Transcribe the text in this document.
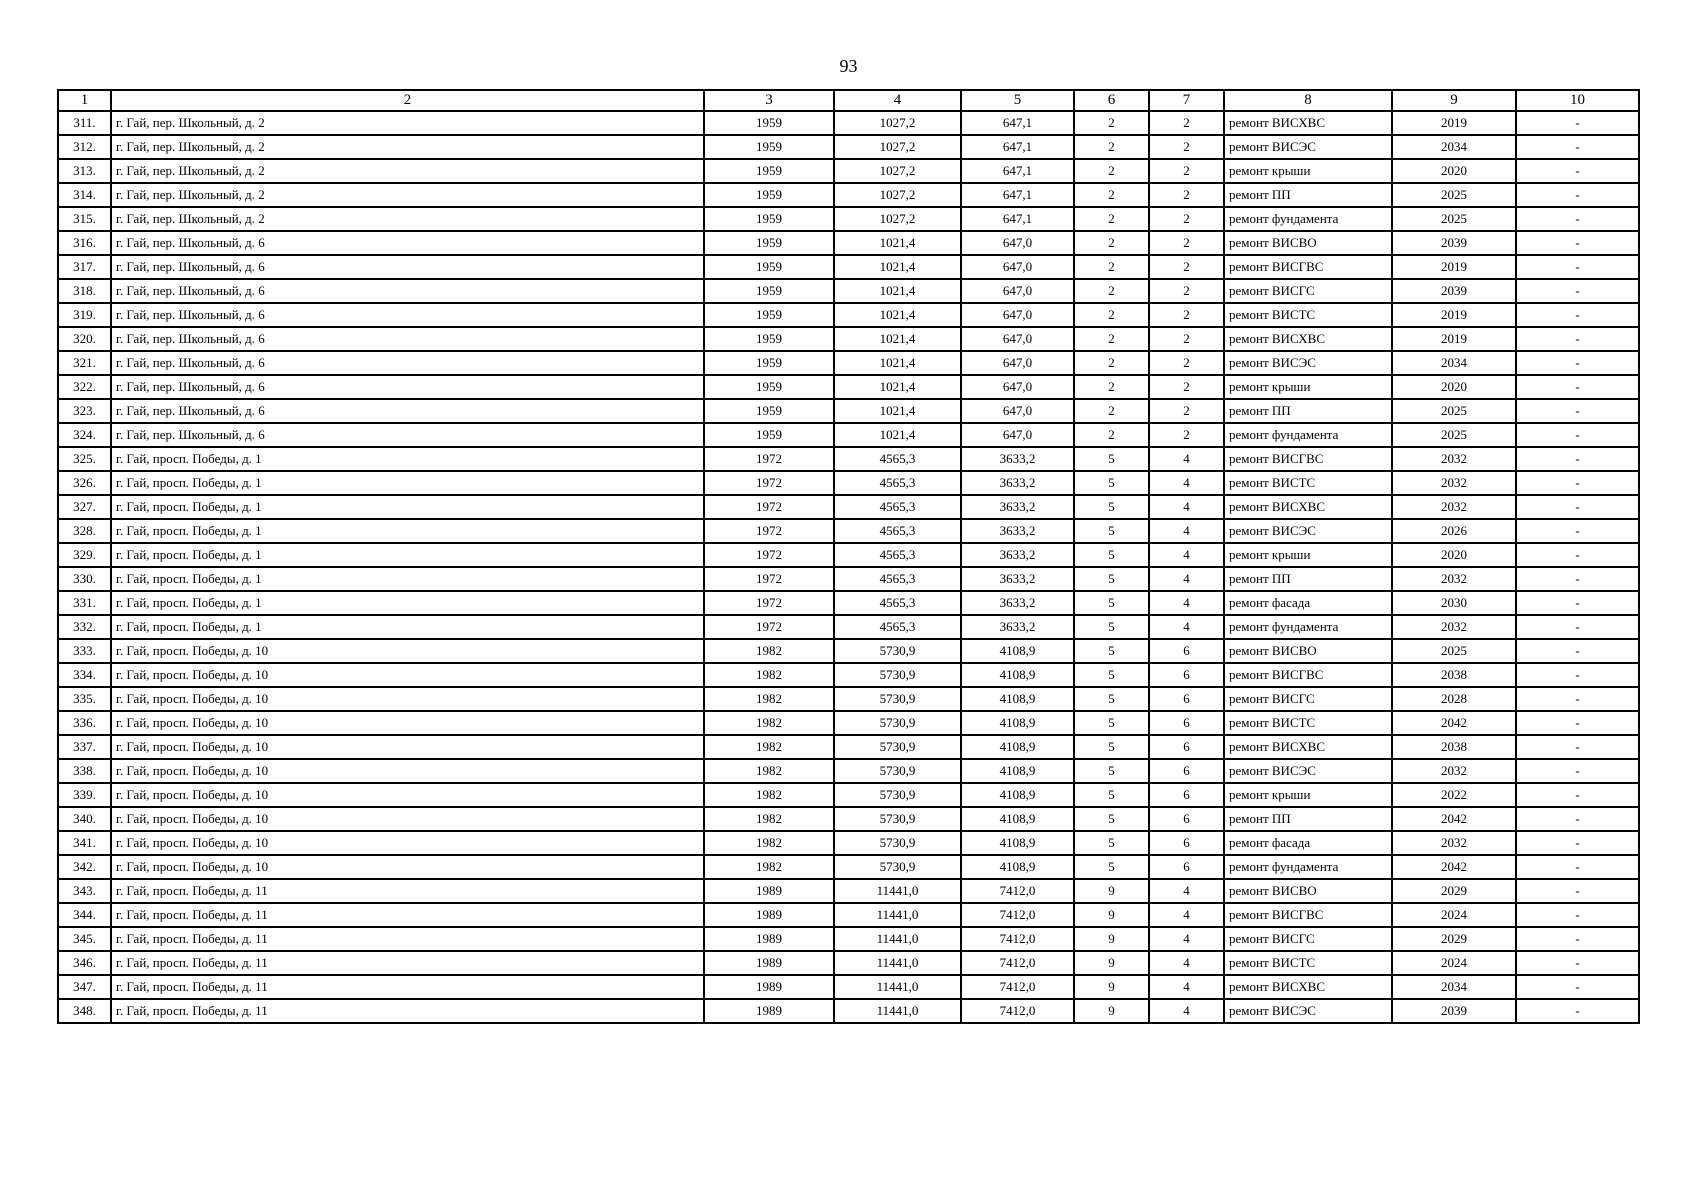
93
1	2	3	4	5	6	7	8	9	10
311.	г. Гай, пер. Школьный, д. 2	1959	1027,2	647,1	2	2	ремонт ВИСХВС	2019	-
312.	г. Гай, пер. Школьный, д. 2	1959	1027,2	647,1	2	2	ремонт ВИСЭС	2034	-
313.	г. Гай, пер. Школьный, д. 2	1959	1027,2	647,1	2	2	ремонт крыши	2020	-
314.	г. Гай, пер. Школьный, д. 2	1959	1027,2	647,1	2	2	ремонт ПП	2025	-
315.	г. Гай, пер. Школьный, д. 2	1959	1027,2	647,1	2	2	ремонт фундамента	2025	-
316.	г. Гай, пер. Школьный, д. 6	1959	1021,4	647,0	2	2	ремонт ВИСВО	2039	-
317.	г. Гай, пер. Школьный, д. 6	1959	1021,4	647,0	2	2	ремонт ВИСГВС	2019	-
318.	г. Гай, пер. Школьный, д. 6	1959	1021,4	647,0	2	2	ремонт ВИСГС	2039	-
319.	г. Гай, пер. Школьный, д. 6	1959	1021,4	647,0	2	2	ремонт ВИСТС	2019	-
320.	г. Гай, пер. Школьный, д. 6	1959	1021,4	647,0	2	2	ремонт ВИСХВС	2019	-
321.	г. Гай, пер. Школьный, д. 6	1959	1021,4	647,0	2	2	ремонт ВИСЭС	2034	-
322.	г. Гай, пер. Школьный, д. 6	1959	1021,4	647,0	2	2	ремонт крыши	2020	-
323.	г. Гай, пер. Школьный, д. 6	1959	1021,4	647,0	2	2	ремонт ПП	2025	-
324.	г. Гай, пер. Школьный, д. 6	1959	1021,4	647,0	2	2	ремонт фундамента	2025	-
325.	г. Гай, просп. Победы, д. 1	1972	4565,3	3633,2	5	4	ремонт ВИСГВС	2032	-
326.	г. Гай, просп. Победы, д. 1	1972	4565,3	3633,2	5	4	ремонт ВИСТС	2032	-
327.	г. Гай, просп. Победы, д. 1	1972	4565,3	3633,2	5	4	ремонт ВИСХВС	2032	-
328.	г. Гай, просп. Победы, д. 1	1972	4565,3	3633,2	5	4	ремонт ВИСЭС	2026	-
329.	г. Гай, просп. Победы, д. 1	1972	4565,3	3633,2	5	4	ремонт крыши	2020	-
330.	г. Гай, просп. Победы, д. 1	1972	4565,3	3633,2	5	4	ремонт ПП	2032	-
331.	г. Гай, просп. Победы, д. 1	1972	4565,3	3633,2	5	4	ремонт фасада	2030	-
332.	г. Гай, просп. Победы, д. 1	1972	4565,3	3633,2	5	4	ремонт фундамента	2032	-
333.	г. Гай, просп. Победы, д. 10	1982	5730,9	4108,9	5	6	ремонт ВИСВО	2025	-
334.	г. Гай, просп. Победы, д. 10	1982	5730,9	4108,9	5	6	ремонт ВИСГВС	2038	-
335.	г. Гай, просп. Победы, д. 10	1982	5730,9	4108,9	5	6	ремонт ВИСГС	2028	-
336.	г. Гай, просп. Победы, д. 10	1982	5730,9	4108,9	5	6	ремонт ВИСТС	2042	-
337.	г. Гай, просп. Победы, д. 10	1982	5730,9	4108,9	5	6	ремонт ВИСХВС	2038	-
338.	г. Гай, просп. Победы, д. 10	1982	5730,9	4108,9	5	6	ремонт ВИСЭС	2032	-
339.	г. Гай, просп. Победы, д. 10	1982	5730,9	4108,9	5	6	ремонт крыши	2022	-
340.	г. Гай, просп. Победы, д. 10	1982	5730,9	4108,9	5	6	ремонт ПП	2042	-
341.	г. Гай, просп. Победы, д. 10	1982	5730,9	4108,9	5	6	ремонт фасада	2032	-
342.	г. Гай, просп. Победы, д. 10	1982	5730,9	4108,9	5	6	ремонт фундамента	2042	-
343.	г. Гай, просп. Победы, д. 11	1989	11441,0	7412,0	9	4	ремонт ВИСВО	2029	-
344.	г. Гай, просп. Победы, д. 11	1989	11441,0	7412,0	9	4	ремонт ВИСГВС	2024	-
345.	г. Гай, просп. Победы, д. 11	1989	11441,0	7412,0	9	4	ремонт ВИСГС	2029	-
346.	г. Гай, просп. Победы, д. 11	1989	11441,0	7412,0	9	4	ремонт ВИСТС	2024	-
347.	г. Гай, просп. Победы, д. 11	1989	11441,0	7412,0	9	4	ремонт ВИСХВС	2034	-
348.	г. Гай, просп. Победы, д. 11	1989	11441,0	7412,0	9	4	ремонт ВИСЭС	2039	-
